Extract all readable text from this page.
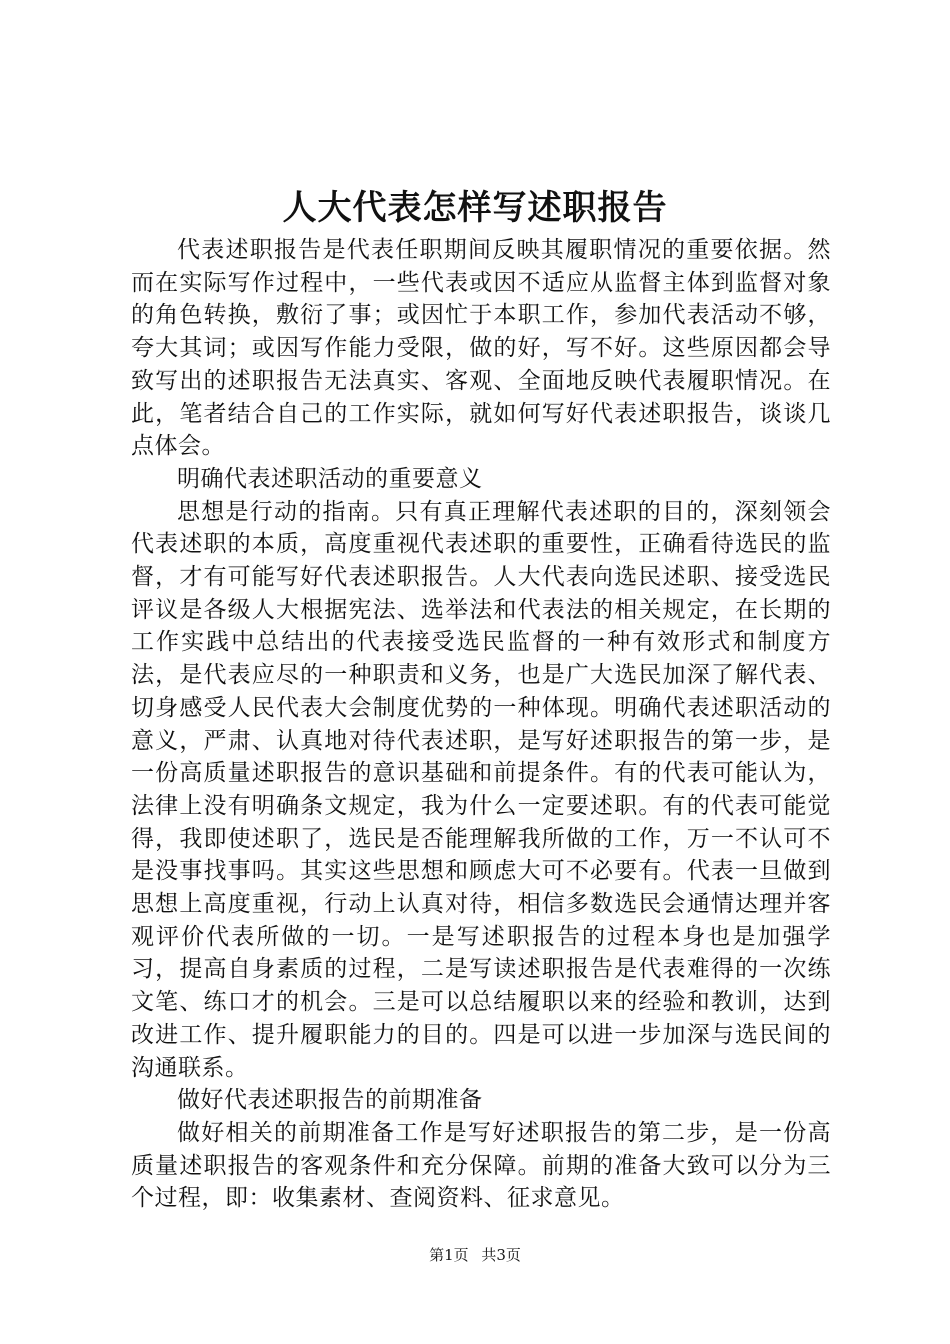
人大代表怎样写述职报告

代表述职报告是代表任职期间反映其履职情况的重要依据。然而在实际写作过程中，一些代表或因不适应从监督主体到监督对象的角色转换，敷衍了事；或因忙于本职工作，参加代表活动不够，夸大其词；或因写作能力受限，做的好，写不好。这些原因都会导致写出的述职报告无法真实、客观、全面地反映代表履职情况。在此，笔者结合自己的工作实际，就如何写好代表述职报告，谈谈几点体会。

明确代表述职活动的重要意义

思想是行动的指南。只有真正理解代表述职的目的，深刻领会代表述职的本质，高度重视代表述职的重要性，正确看待选民的监督，才有可能写好代表述职报告。人大代表向选民述职、接受选民评议是各级人大根据宪法、选举法和代表法的相关规定，在长期的工作实践中总结出的代表接受选民监督的一种有效形式和制度方法，是代表应尽的一种职责和义务，也是广大选民加深了解代表、切身感受人民代表大会制度优势的一种体现。明确代表述职活动的意义，严肃、认真地对待代表述职，是写好述职报告的第一步，是一份高质量述职报告的意识基础和前提条件。有的代表可能认为，法律上没有明确条文规定，我为什么一定要述职。有的代表可能觉得，我即使述职了，选民是否能理解我所做的工作，万一不认可不是没事找事吗。其实这些思想和顾虑大可不必要有。代表一旦做到思想上高度重视，行动上认真对待，相信多数选民会通情达理并客观评价代表所做的一切。一是写述职报告的过程本身也是加强学习，提高自身素质的过程，二是写读述职报告是代表难得的一次练文笔、练口才的机会。三是可以总结履职以来的经验和教训，达到改进工作、提升履职能力的目的。四是可以进一步加深与选民间的沟通联系。

做好代表述职报告的前期准备

做好相关的前期准备工作是写好述职报告的第二步，是一份高质量述职报告的客观条件和充分保障。前期的准备大致可以分为三个过程，即：收集素材、查阅资料、征求意见。

第1页 共3页
